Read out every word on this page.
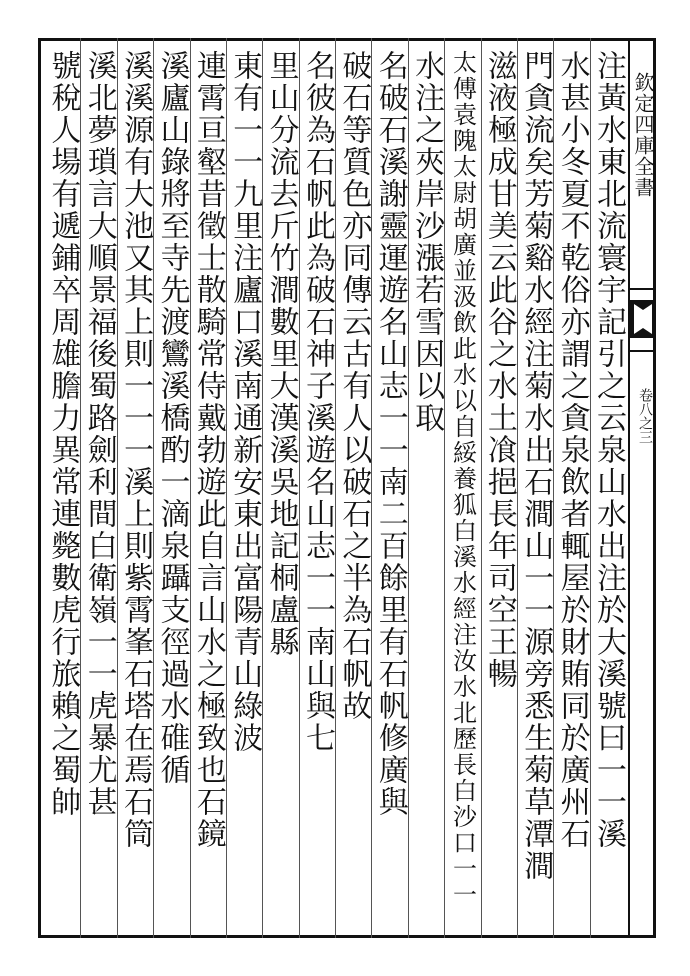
欽定四庫全書
卷八之三
注黃水東北流寰宇記引之云泉山水出注於大溪號曰一一溪
水甚小冬夏不乾俗亦謂之貪泉飲者輒屋於財賄同於廣州石
門貪流矣芳菊谿水經注菊水出石澗山一一源旁悉生菊草潭澗
滋液極成甘美云此谷之水土飡挹長年司空王暢
太傅袁隗太尉胡廣並汲飲此水以自綏養狐白溪水經注汝水北歷長白沙口一一
水注之夾岸沙漲若雪因以取
名破石溪謝靈運遊名山志一一南二百餘里有石帆修廣與
破石等質色亦同傳云古有人以破石之半為石帆故
名彼為石帆此為破石神子溪遊名山志一一南山與七
里山分流去斤竹澗數里大漢溪吳地記桐盧縣
東有一一九里注廬口溪南通新安東出富陽青山綠波
連霄亘壑昔徵士散騎常侍戴勃遊此自言山水之極致也石鏡
溪廬山錄將至寺先渡鸞溪橋酌一滴泉躡支徑過水碓循
溪溪源有大池又其上則一一一溪上則紫霄峯石塔在焉石筒
溪北夢瑣言大順景福後蜀路劍利間白衛嶺一一虎暴尤甚
號稅人場有遞鋪卒周雄膽力異常連斃數虎行旅賴之蜀帥
